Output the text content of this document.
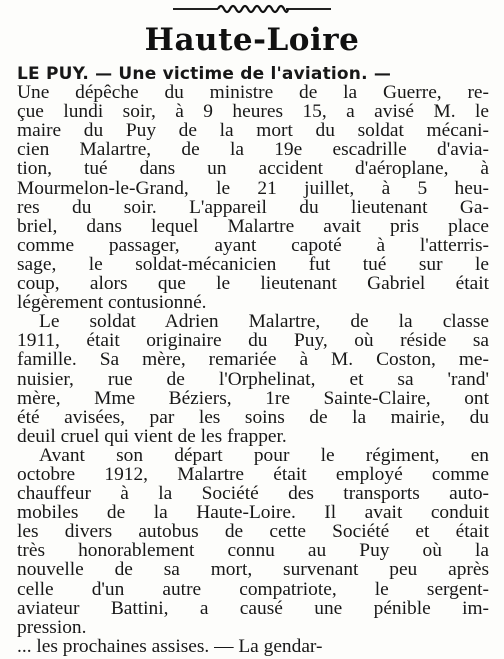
Haute-Loire
LE PUY. — Une victime de l'aviation. —
Une dépêche du ministre de la Guerre, re-
çue lundi soir, à 9 heures 15, a avisé M. le
maire du Puy de la mort du soldat mécani-
cien Malartre, de la 19e escadrille d'avia-
tion, tué dans un accident d'aéroplane, à
Mourmelon-le-Grand, le 21 juillet, à 5 heu-
res du soir. L'appareil du lieutenant Ga-
briel, dans lequel Malartre avait pris place
comme passager, ayant capoté à l'atterris-
sage, le soldat-mécanicien fut tué sur le
coup, alors que le lieutenant Gabriel était
légèrement contusionné.
Le soldat Adrien Malartre, de la classe
1911, était originaire du Puy, où réside sa
famille. Sa mère, remariée à M. Coston, me-
nuisier, rue de l'Orphelinat, et sa 'rand'
mère, Mme Béziers, 1re Sainte-Claire, ont
été avisées, par les soins de la mairie, du
deuil cruel qui vient de les frapper.
Avant son départ pour le régiment, en
octobre 1912, Malartre était employé comme
chauffeur à la Société des transports auto-
mobiles de la Haute-Loire. Il avait conduit
les divers autobus de cette Société et était
très honorablement connu au Puy où la
nouvelle de sa mort, survenant peu après
celle d'un autre compatriote, le sergent-
aviateur Battini, a causé une pénible im-
pression.
... les prochaines assises. — La gendar-
